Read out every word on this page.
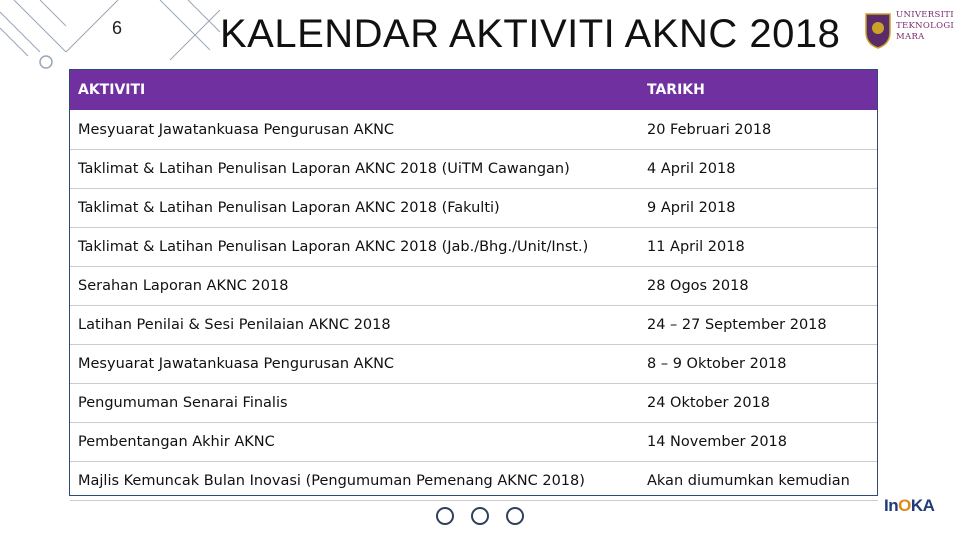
6 KALENDAR AKTIVITI AKNC 2018	UNIVERSITI
TEKNOLOGI
MARA
AKTIVITI	TARIKH
Mesyuarat Jawatankuasa Pengurusan AKNC	20 Februari 2018
Taklimat & Latihan Penulisan Laporan AKNC 2018 (UiTM Cawangan)	4 April 2018
Taklimat & Latihan Penulisan Laporan AKNC 2018 (Fakulti)	9 April 2018
Taklimat & Latihan Penulisan Laporan AKNC 2018 (Jab./Bhg./Unit/Inst.)	11 April 2018
Serahan Laporan AKNC 2018	28 Ogos 2018
Latihan Penilai & Sesi Penilaian AKNC 2018	24 – 27 September 2018
Mesyuarat Jawatankuasa Pengurusan AKNC	8 – 9 Oktober 2018
Pengumuman Senarai Finalis	24 Oktober 2018
Pembentangan Akhir AKNC	14 November 2018
Majlis Kemuncak Bulan Inovasi (Pengumuman Pemenang AKNC 2018)	Akan diumumkan kemudian
InOKA
